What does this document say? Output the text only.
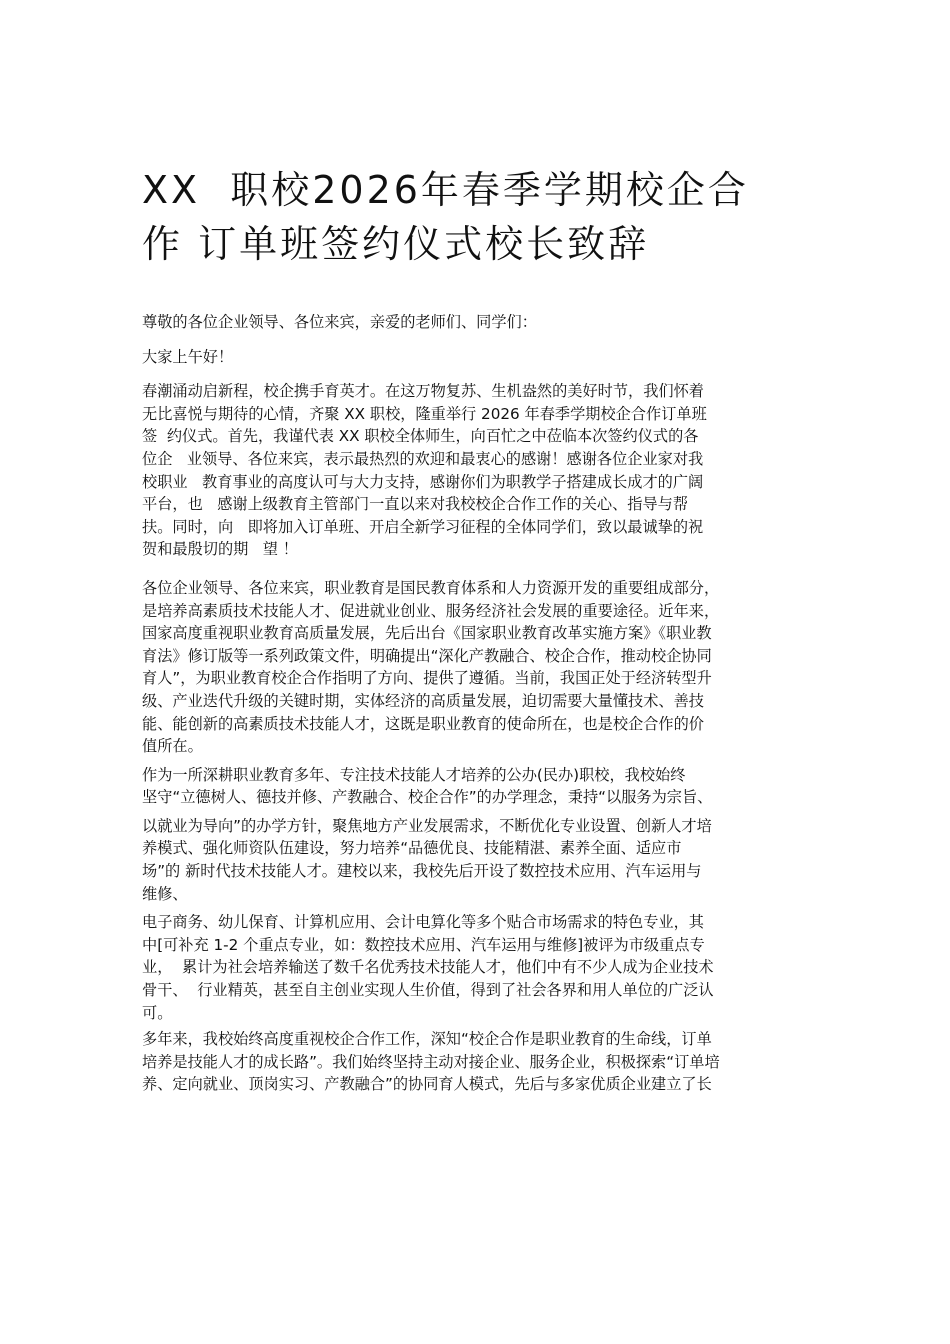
XX  职校2026年春季学期校企合
作 订单班签约仪式校长致辞

尊敬的各位企业领导、各位来宾，亲爱的老师们、同学们：

大家上午好！

春潮涌动启新程，校企携手育英才。在这万物复苏、生机盎然的美好时节，我们怀着
无比喜悦与期待的心情，齐聚 XX 职校，隆重举行 2026 年春季学期校企合作订单班
签  约仪式。首先，我谨代表 XX 职校全体师生，向百忙之中莅临本次签约仪式的各
位企   业领导、各位来宾，表示最热烈的欢迎和最衷心的感谢！感谢各位企业家对我
校职业   教育事业的高度认可与大力支持，感谢你们为职教学子搭建成长成才的广阔
平台，也   感谢上级教育主管部门一直以来对我校校企合作工作的关心、指导与帮
扶。同时，向   即将加入订单班、开启全新学习征程的全体同学们，致以最诚挚的祝
贺和最殷切的期   望 ！

各位企业领导、各位来宾，职业教育是国民教育体系和人力资源开发的重要组成部分，
是培养高素质技术技能人才、促进就业创业、服务经济社会发展的重要途径。近年来，
国家高度重视职业教育高质量发展，先后出台《国家职业教育改革实施方案》《职业教
育法》修订版等一系列政策文件，明确提出“深化产教融合、校企合作，推动校企协同
育人”，为职业教育校企合作指明了方向、提供了遵循。当前，我国正处于经济转型升
级、产业迭代升级的关键时期，实体经济的高质量发展，迫切需要大量懂技术、善技
能、能创新的高素质技术技能人才，这既是职业教育的使命所在，也是校企合作的价
值所在。

作为一所深耕职业教育多年、专注技术技能人才培养的公办(民办)职校，我校始终
坚守“立德树人、德技并修、产教融合、校企合作”的办学理念，秉持“以服务为宗旨、

以就业为导向”的办学方针，聚焦地方产业发展需求，不断优化专业设置、创新人才培
养模式、强化师资队伍建设，努力培养“品德优良、技能精湛、素养全面、适应市
场”的 新时代技术技能人才。建校以来，我校先后开设了数控技术应用、汽车运用与
维修、

电子商务、幼儿保育、计算机应用、会计电算化等多个贴合市场需求的特色专业，其
中[可补充 1-2 个重点专业，如：数控技术应用、汽车运用与维修]被评为市级重点专
业，  累计为社会培养输送了数千名优秀技术技能人才，他们中有不少人成为企业技术
骨干、  行业精英，甚至自主创业实现人生价值，得到了社会各界和用人单位的广泛认
可。

多年来，我校始终高度重视校企合作工作，深知“校企合作是职业教育的生命线，订单
培养是技能人才的成长路”。我们始终坚持主动对接企业、服务企业，积极探索“订单培
养、定向就业、顶岗实习、产教融合”的协同育人模式，先后与多家优质企业建立了长
